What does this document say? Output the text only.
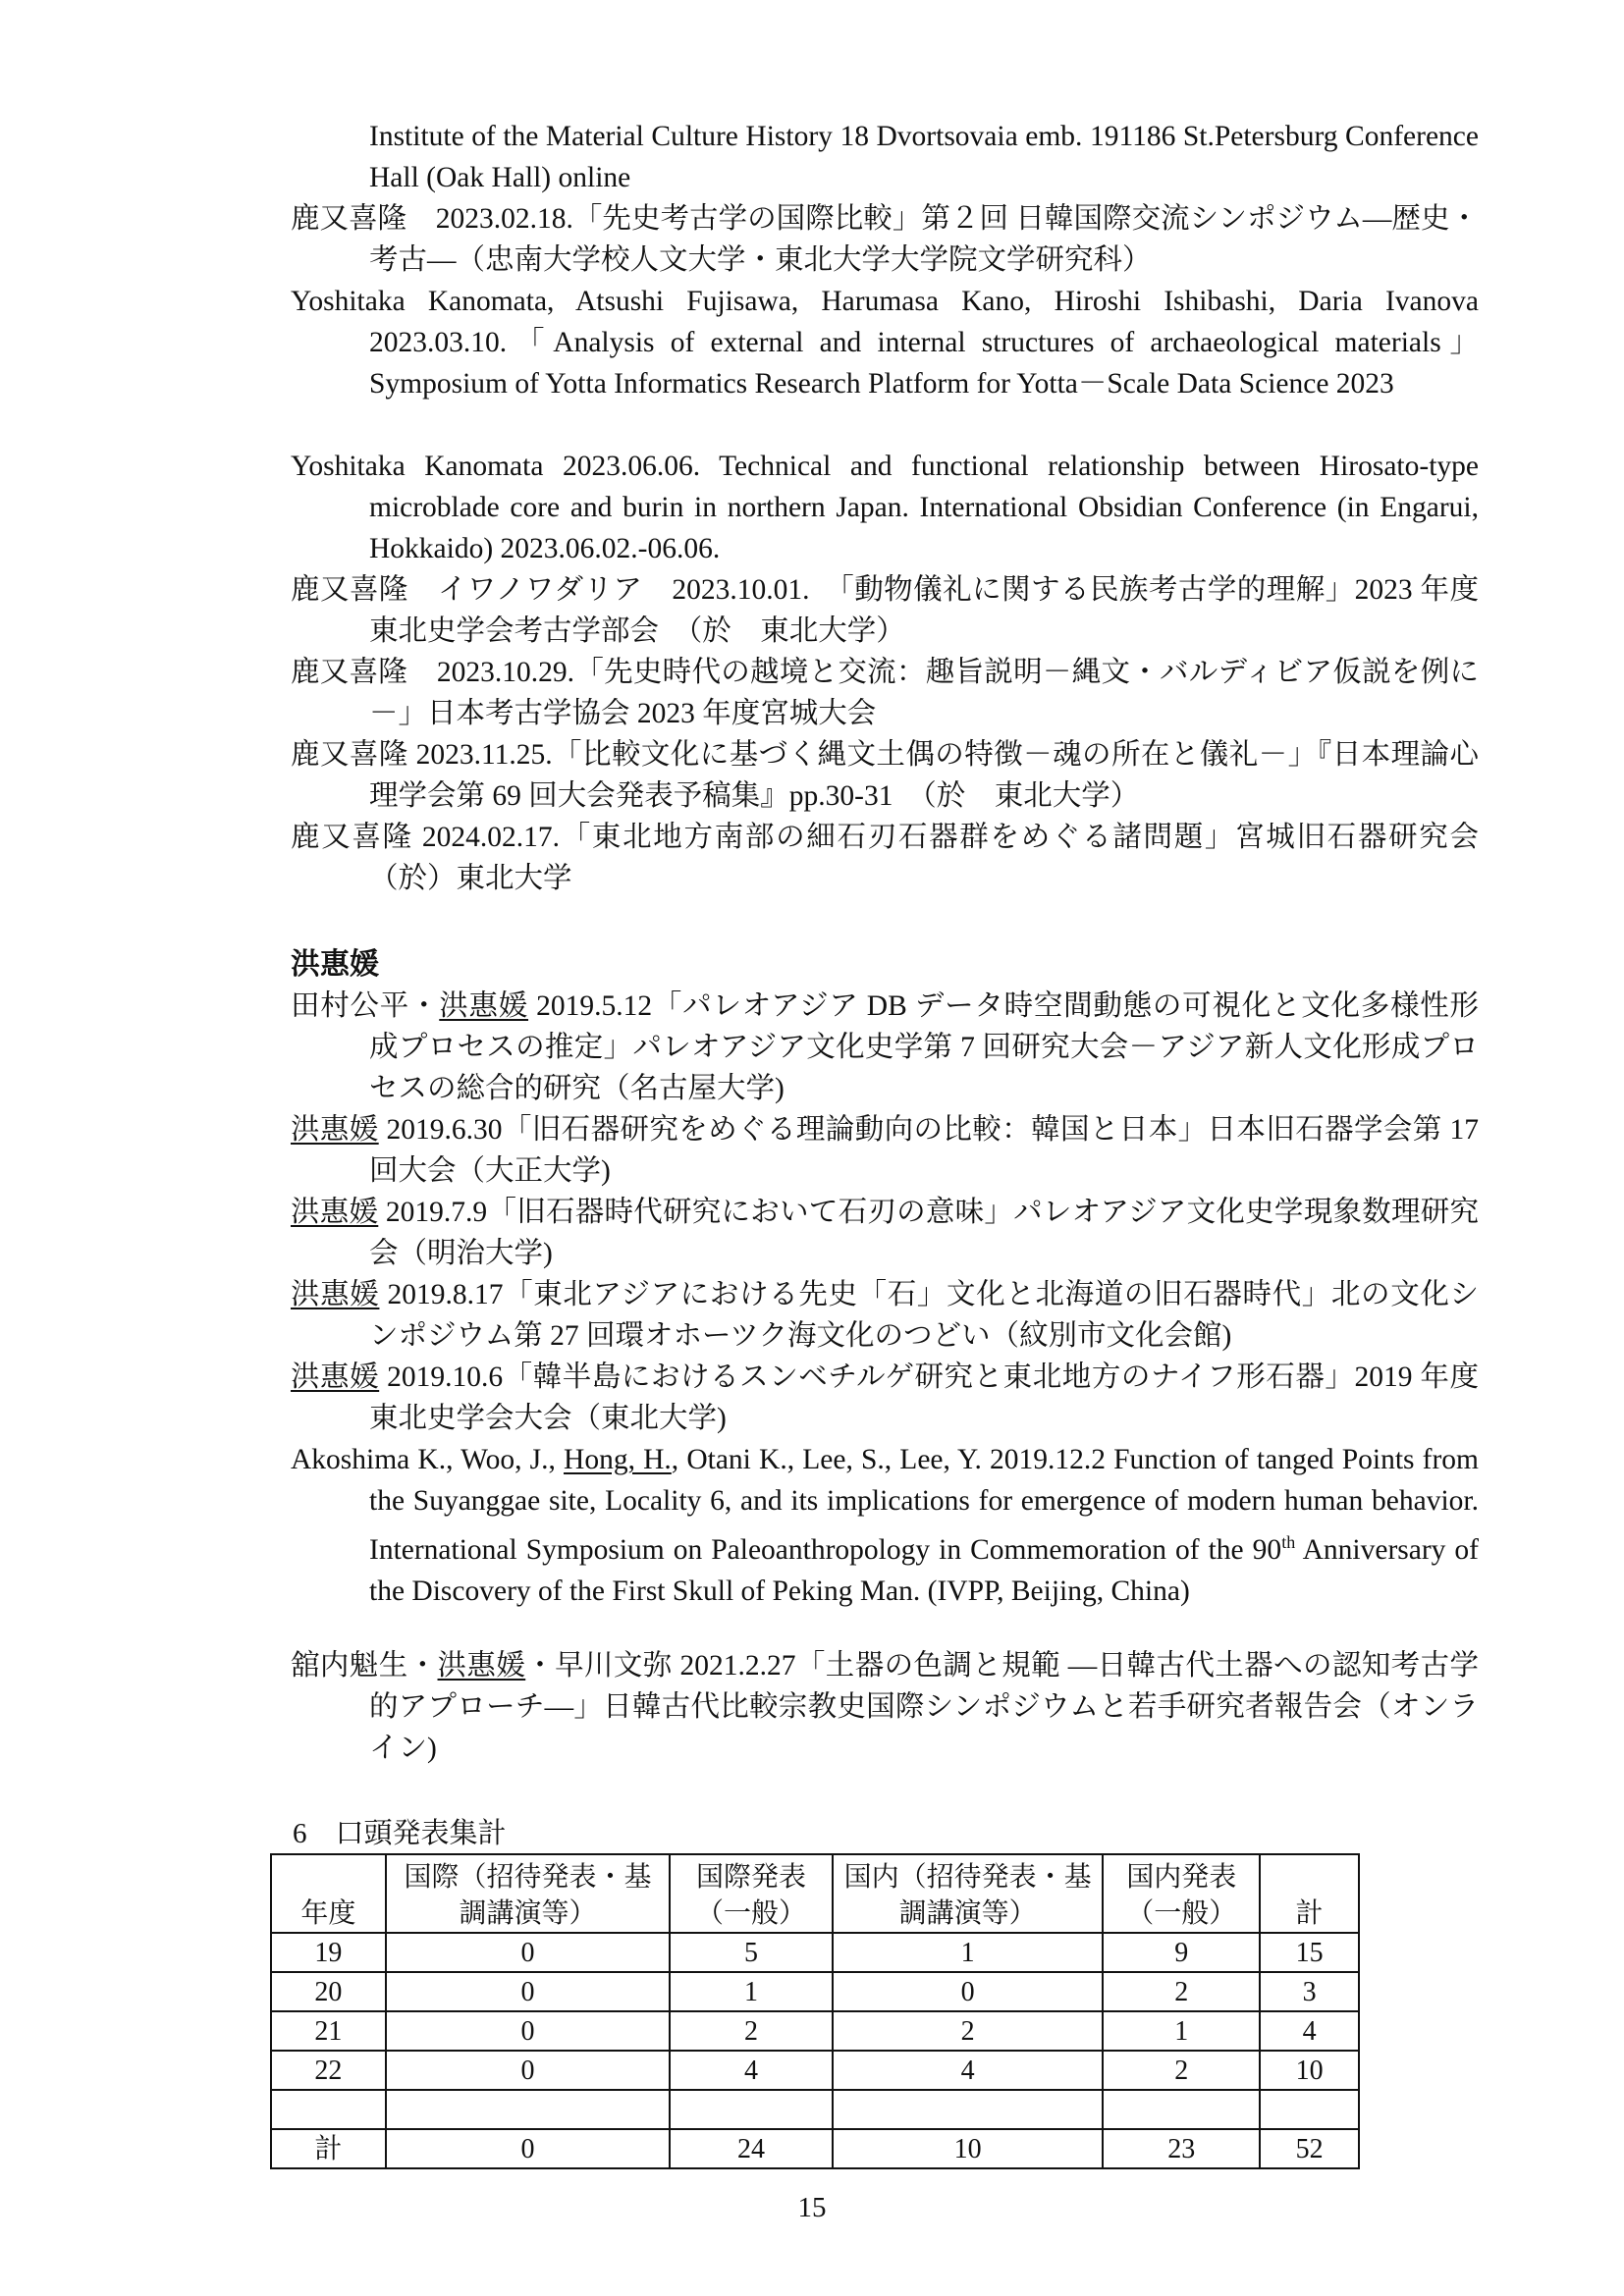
Institute of the Material Culture History 18 Dvortsovaia emb. 191186 St.Petersburg Conference Hall (Oak Hall) online
鹿又喜隆　2023.02.18.「先史考古学の国際比較」第２回 日韓国際交流シンポジウム―歴史・考古―（忠南大学校人文大学・東北大学大学院文学研究科）
Yoshitaka Kanomata, Atsushi Fujisawa, Harumasa Kano, Hiroshi Ishibashi, Daria Ivanova 2023.03.10.「Analysis of external and internal structures of archaeological materials」Symposium of Yotta Informatics Research Platform for Yotta－Scale Data Science 2023
Yoshitaka Kanomata 2023.06.06. Technical and functional relationship between Hirosato-type microblade core and burin in northern Japan. International Obsidian Conference (in Engarui, Hokkaido) 2023.06.02.-06.06.
鹿又喜隆　イワノワダリア　2023.10.01.　「動物儀礼に関する民族考古学的理解」2023 年度東北史学会考古学部会　（於　東北大学）
鹿又喜隆　2023.10.29.「先史時代の越境と交流：趣旨説明－縄文・バルディビア仮説を例に－」日本考古学協会 2023 年度宮城大会
鹿又喜隆 2023.11.25.「比較文化に基づく縄文土偶の特徴－魂の所在と儀礼－」『日本理論心理学会第 69 回大会発表予稿集』pp.30-31　（於　東北大学）
鹿又喜隆 2024.02.17.「東北地方南部の細石刃石器群をめぐる諸問題」宮城旧石器研究会　（於）東北大学
洪惠媛
田村公平・洪惠媛 2019.5.12「パレオアジア DB データ時空間動態の可視化と文化多様性形成プロセスの推定」パレオアジア文化史学第 7 回研究大会－アジア新人文化形成プロセスの総合的研究（名古屋大学)
洪惠媛 2019.6.30「旧石器研究をめぐる理論動向の比較：韓国と日本」日本旧石器学会第 17 回大会（大正大学)
洪惠媛 2019.7.9「旧石器時代研究において石刃の意味」パレオアジア文化史学現象数理研究会（明治大学)
洪惠媛 2019.8.17「東北アジアにおける先史「石」文化と北海道の旧石器時代」北の文化シンポジウム第 27 回環オホーツク海文化のつどい（紋別市文化会館)
洪惠媛 2019.10.6「韓半島におけるスンベチルゲ研究と東北地方のナイフ形石器」2019 年度東北史学会大会（東北大学)
Akoshima K., Woo, J., Hong, H., Otani K., Lee, S., Lee, Y. 2019.12.2 Function of tanged Points from the Suyanggae site, Locality 6, and its implications for emergence of modern human behavior. International Symposium on Paleoanthropology in Commemoration of the 90th Anniversary of the Discovery of the First Skull of Peking Man. (IVPP, Beijing, China)
舘内魁生・洪惠媛・早川文弥 2021.2.27「土器の色調と規範 ―日韓古代土器への認知考古学的アプローチ―」日韓古代比較宗教史国際シンポジウムと若手研究者報告会（オンライン)
6　口頭発表集計
年度	国際（招待発表・基調講演等）	国際発表（一般）	国内（招待発表・基調講演等）	国内発表（一般）	計
19	0	5	1	9	15
20	0	1	0	2	3
21	0	2	2	1	4
22	0	4	4	2	10

計	0	24	10	23	52
15
